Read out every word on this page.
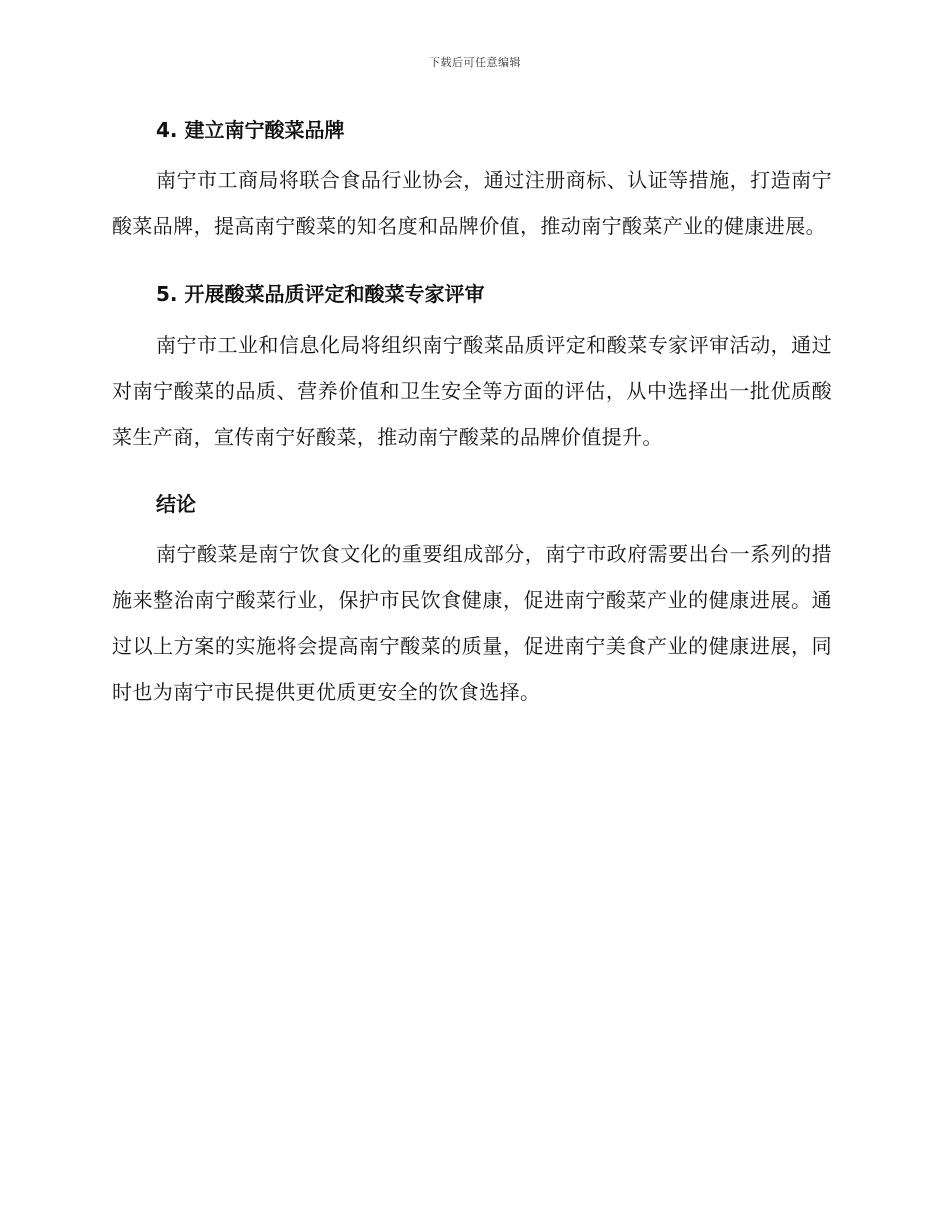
下载后可任意编辑
4. 建立南宁酸菜品牌

南宁市工商局将联合食品行业协会，通过注册商标、认证等措施，打造南宁酸菜品牌，提高南宁酸菜的知名度和品牌价值，推动南宁酸菜产业的健康进展。

5. 开展酸菜品质评定和酸菜专家评审

南宁市工业和信息化局将组织南宁酸菜品质评定和酸菜专家评审活动，通过对南宁酸菜的品质、营养价值和卫生安全等方面的评估，从中选择出一批优质酸菜生产商，宣传南宁好酸菜，推动南宁酸菜的品牌价值提升。

结论

南宁酸菜是南宁饮食文化的重要组成部分，南宁市政府需要出台一系列的措施来整治南宁酸菜行业，保护市民饮食健康，促进南宁酸菜产业的健康进展。通过以上方案的实施将会提高南宁酸菜的质量，促进南宁美食产业的健康进展，同时也为南宁市民提供更优质更安全的饮食选择。
